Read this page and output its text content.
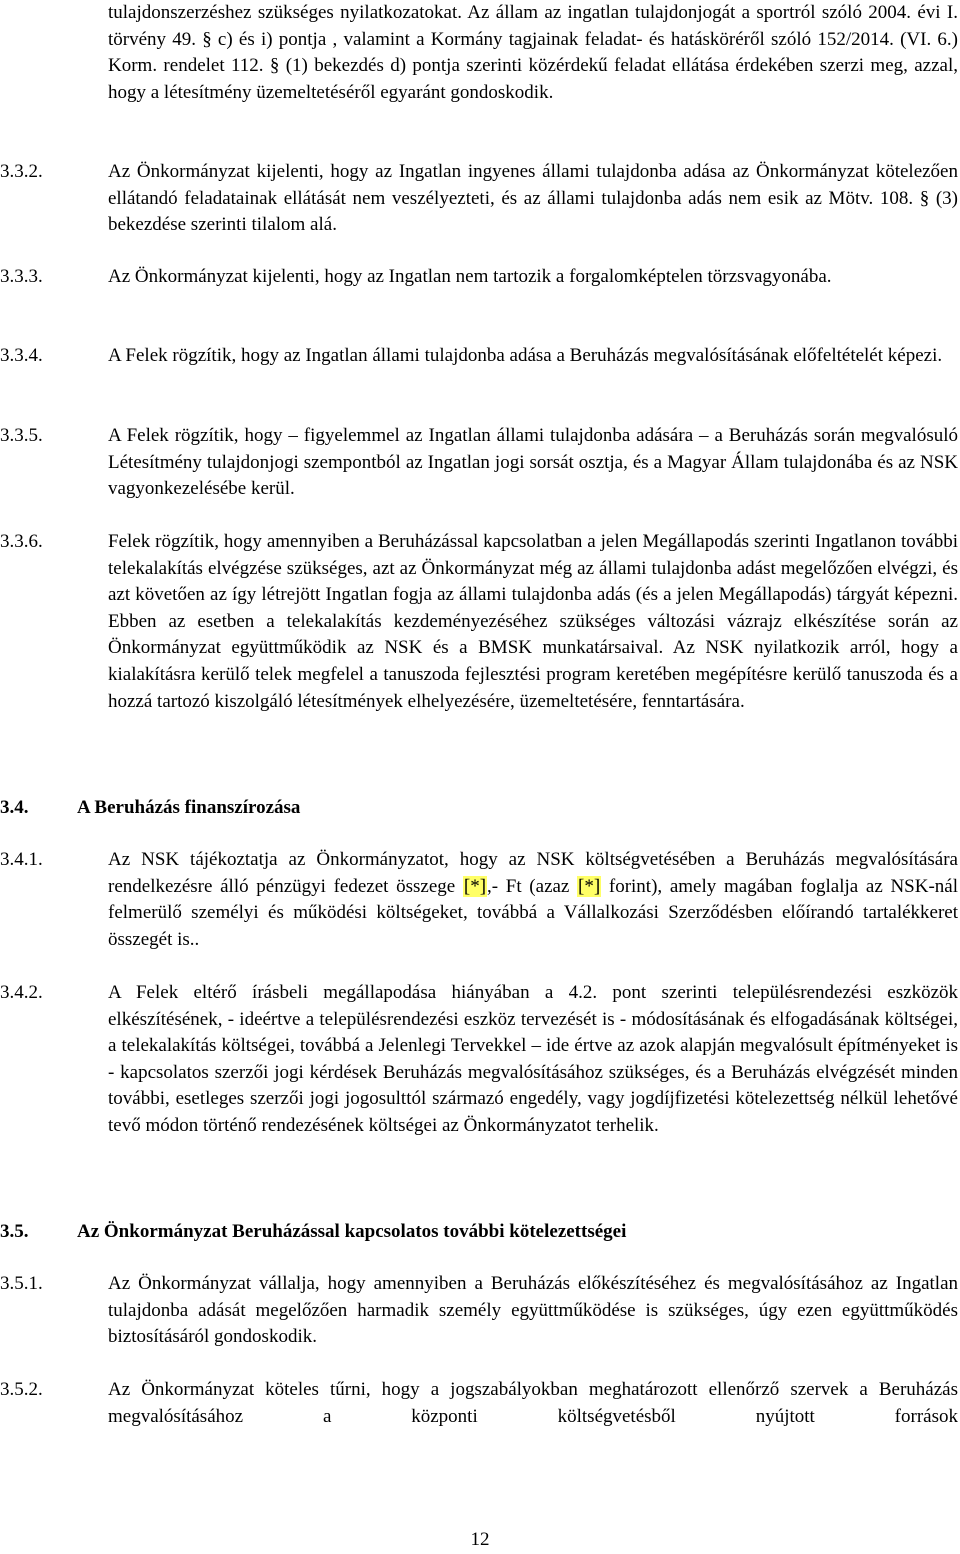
tulajdonszerzéshez szükséges nyilatkozatokat. Az állam az ingatlan tulajdonjogát a sportról szóló 2004. évi I. törvény 49. § c) és i) pontja , valamint a Kormány tagjainak feladat- és hatásköréről szóló 152/2014. (VI. 6.) Korm. rendelet 112. § (1) bekezdés d) pontja szerinti közérdekű feladat ellátása érdekében szerzi meg, azzal, hogy a létesítmény üzemeltetéséről egyaránt gondoskodik.
3.3.2.	Az Önkormányzat kijelenti, hogy az Ingatlan ingyenes állami tulajdonba adása az Önkormányzat kötelezően ellátandó feladatainak ellátását nem veszélyezteti, és az állami tulajdonba adás nem esik az Mötv. 108. § (3) bekezdése szerinti tilalom alá.
3.3.3.	Az Önkormányzat kijelenti, hogy az Ingatlan nem tartozik a forgalomképtelen törzsvagyonába.
3.3.4.	A Felek rögzítik, hogy az Ingatlan állami tulajdonba adása a Beruházás megvalósításának előfeltételét képezi.
3.3.5.	A Felek rögzítik, hogy – figyelemmel az Ingatlan állami tulajdonba adására – a Beruházás során megvalósuló Létesítmény tulajdonjogi szempontból az Ingatlan jogi sorsát osztja, és a Magyar Állam tulajdonába és az NSK vagyonkezelésébe kerül.
3.3.6.	Felek rögzítik, hogy amennyiben a Beruházással kapcsolatban a jelen Megállapodás szerinti Ingatlanon további telekalakítás elvégzése szükséges, azt az Önkormányzat még az állami tulajdonba adást megelőzően elvégzi, és azt követően az így létrejött Ingatlan fogja az állami tulajdonba adás (és a jelen Megállapodás) tárgyát képezni. Ebben az esetben a telekalakítás kezdeményezéséhez szükséges változási vázrajz elkészítése során az Önkormányzat együttműködik az NSK és a BMSK munkatársaival. Az NSK nyilatkozik arról, hogy a kialakításra kerülő telek megfelel a tanuszoda fejlesztési program keretében megépítésre kerülő tanuszoda és a hozzá tartozó kiszolgáló létesítmények elhelyezésére, üzemeltetésére, fenntartására.
3.4.	A Beruházás finanszírozása
3.4.1.	Az NSK tájékoztatja az Önkormányzatot, hogy az NSK költségvetésében a Beruházás megvalósítására rendelkezésre álló pénzügyi fedezet összege [*],- Ft (azaz [*] forint), amely magában foglalja az NSK-nál felmerülő személyi és működési költségeket, továbbá a Vállalkozási Szerződésben előírandó tartalékkeret összegét is..
3.4.2.	A Felek eltérő írásbeli megállapodása hiányában a 4.2. pont szerinti településrendezési eszközök elkészítésének, - ideértve a településrendezési eszköz tervezését is - módosításának és elfogadásának költségei, a telekalakítás költségei, továbbá a Jelenlegi Tervekkel – ide értve az azok alapján megvalósult építményeket is - kapcsolatos szerzői jogi kérdések Beruházás megvalósításához szükséges, és a Beruházás elvégzését minden további, esetleges szerzői jogi jogosulttól származó engedély, vagy jogdíjfizetési kötelezettség nélkül lehetővé tevő módon történő rendezésének költségei az Önkormányzatot terhelik.
3.5.	Az Önkormányzat Beruházással kapcsolatos további kötelezettségei
3.5.1.	Az Önkormányzat vállalja, hogy amennyiben a Beruházás előkészítéséhez és megvalósításához az Ingatlan tulajdonba adását megelőzően harmadik személy együttműködése is szükséges, úgy ezen együttműködés biztosításáról gondoskodik.
3.5.2.	Az Önkormányzat köteles tűrni, hogy a jogszabályokban meghatározott ellenőrző szervek a Beruházás megvalósításához a központi költségvetésből nyújtott források
12
